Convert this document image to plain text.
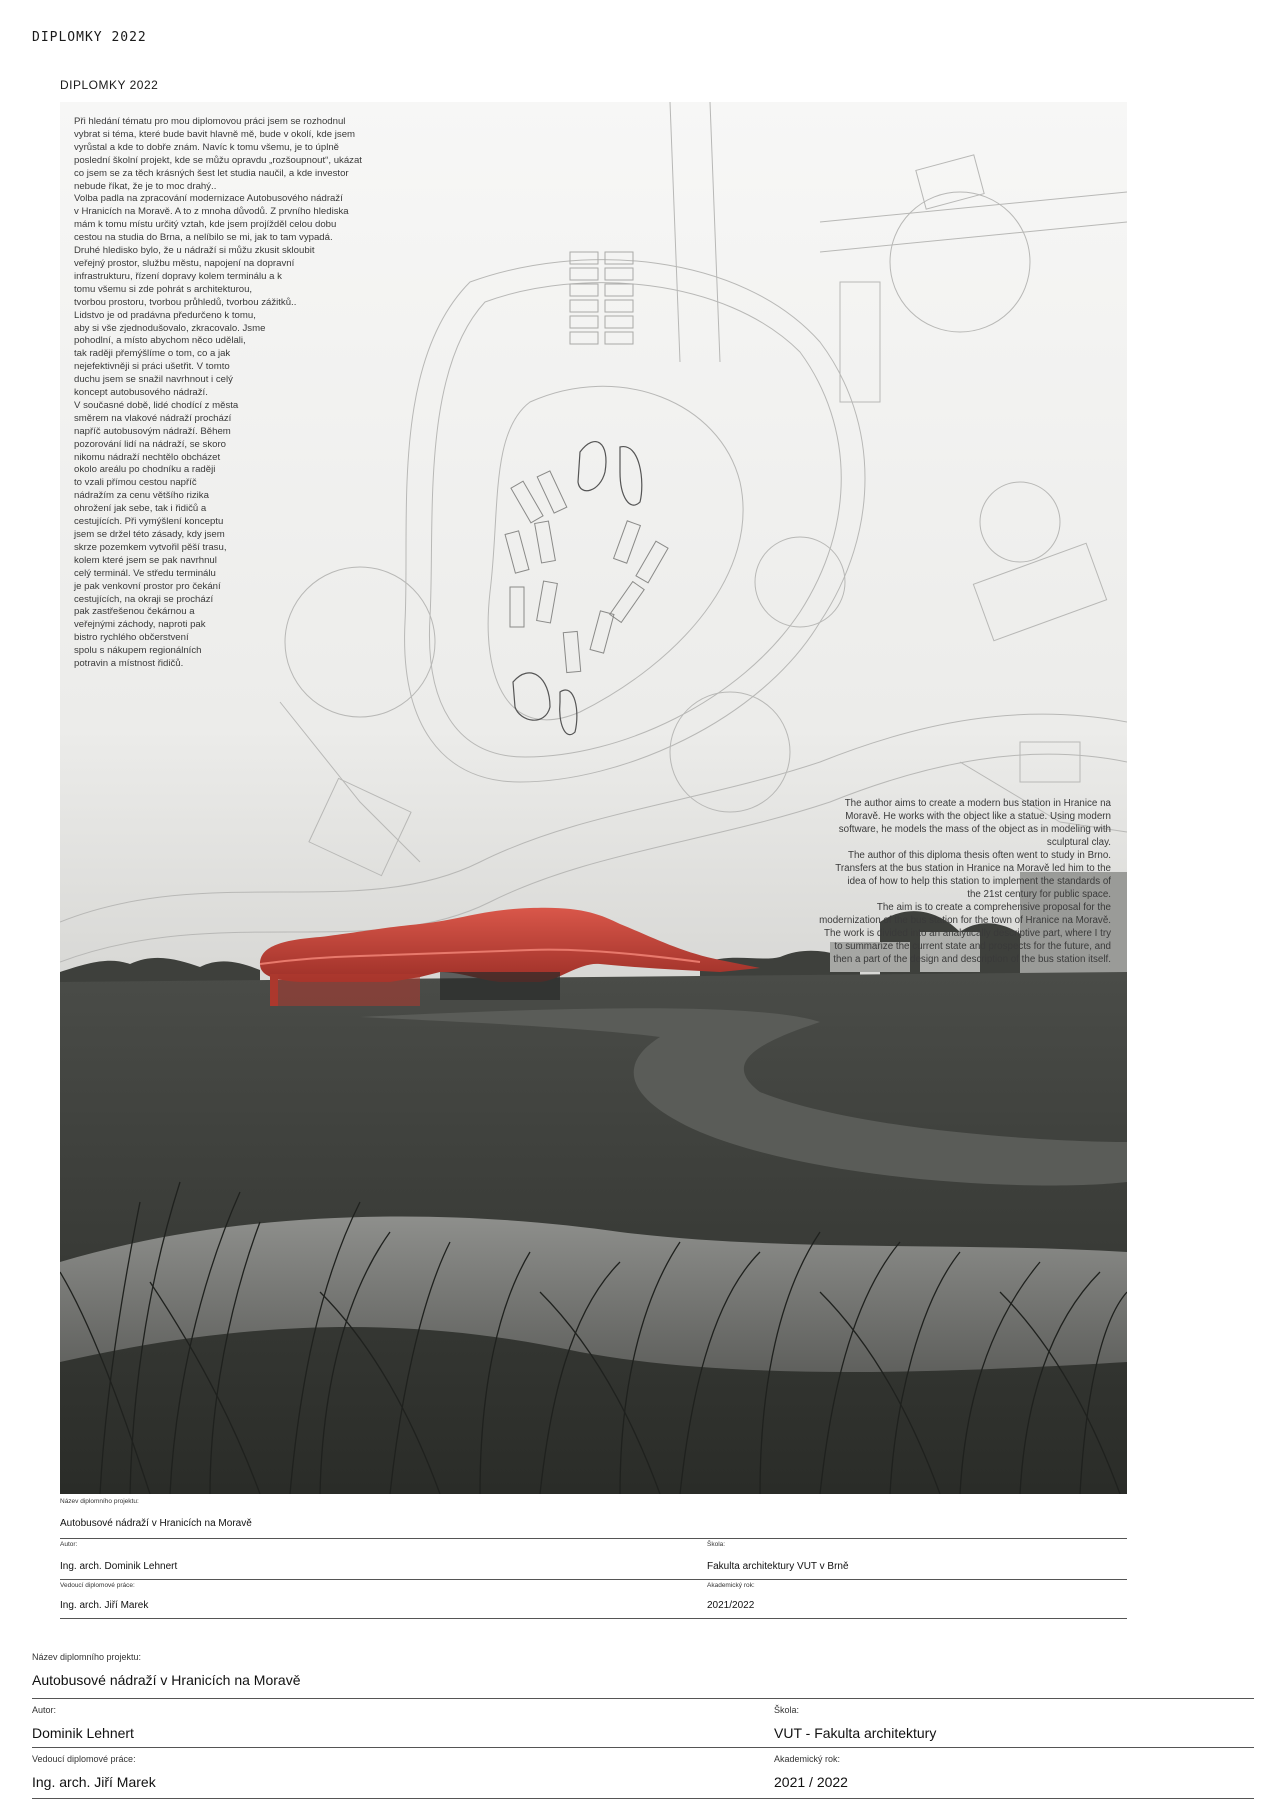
DIPLOMKY 2022
DIPLOMKY 2022
Při hledání tématu pro mou diplomovou práci jsem se rozhodnul
vybrat si téma, které bude bavit hlavně mě, bude v okolí, kde jsem
vyrůstal a kde to dobře znám. Navíc k tomu všemu, je to úplně
poslední školní projekt, kde se můžu opravdu „rozšoupnout“, ukázat
co jsem se za těch krásných šest let studia naučil, a kde investor
nebude říkat, že je to moc drahý..
Volba padla na zpracování modernizace Autobusového nádraží
v Hranicích na Moravě. A to z mnoha důvodů. Z prvního hlediska
mám k tomu místu určitý vztah, kde jsem projížděl celou dobu
cestou na studia do Brna, a nelíbilo se mi, jak to tam vypadá.
Druhé hledisko bylo, že u nádraží si můžu zkusit skloubit
veřejný prostor, službu městu, napojení na dopravní
infrastrukturu, řízení dopravy kolem terminálu a k
tomu všemu si zde pohrát s architekturou,
tvorbou prostoru, tvorbou průhledů, tvorbou zážitků..
Lidstvo je od pradávna předurčeno k tomu,
aby si vše zjednodušovalo, zkracovalo. Jsme
pohodlní, a místo abychom něco udělali,
tak raději přemýšlíme o tom, co a jak
nejefektivněji si práci ušetřit. V tomto
duchu jsem se snažil navrhnout i celý
koncept autobusového nádraží.
V současné době, lidé chodící z města
směrem na vlakové nádraží prochází
napříč autobusovým nádraží. Během
pozorování lidí na nádraží, se skoro
nikomu nádraží nechtělo obcházet
okolo areálu po chodníku a raději
to vzali přímou cestou napříč
nádražím za cenu většího rizika
ohrožení jak sebe, tak i řidičů a
cestujících. Při vymýšlení konceptu
jsem se držel této zásady, kdy jsem
skrze pozemkem vytvořil pěší trasu,
kolem které jsem se pak navrhnul
celý terminál. Ve středu terminálu
je pak venkovní prostor pro čekání
cestujících, na okraji se prochází
pak zastřešenou čekárnou a
veřejnými záchody, naproti pak
bistro rychlého občerstvení
spolu s nákupem regionálních
potravin a místnost řidičů.
The author aims to create a modern bus station in Hranice na
Moravě. He works with the object like a statue. Using modern
software, he models the mass of the object as in modeling with
sculptural clay.
The author of this diploma thesis often went to study in Brno.
Transfers at the bus station in Hranice na Moravě led him to the
idea of how to help this station to implement the standards of
the 21st century for public space.
The aim is to create a comprehensive proposal for the
modernization of the bus station for the town of Hranice na Moravě.
The work is divided into an analytically descriptive part, where I try
to summarize the current state and prospects for the future, and
then a part of the design and description of the bus station itself.
Název diplomního projektu:
Autobusové nádraží v Hranicích na Moravě
Autor:
Ing. arch. Dominik Lehnert
Škola:
Fakulta architektury VUT v Brně
Vedoucí diplomové práce:
Ing. arch. Jiří Marek
Akademický rok:
2021/2022
Název diplomního projektu:
Autobusové nádraží v Hranicích na Moravě
Autor:
Dominik Lehnert
Škola:
VUT - Fakulta architektury
Vedoucí diplomové práce:
Ing. arch. Jiří Marek
Akademický rok:
2021 / 2022
